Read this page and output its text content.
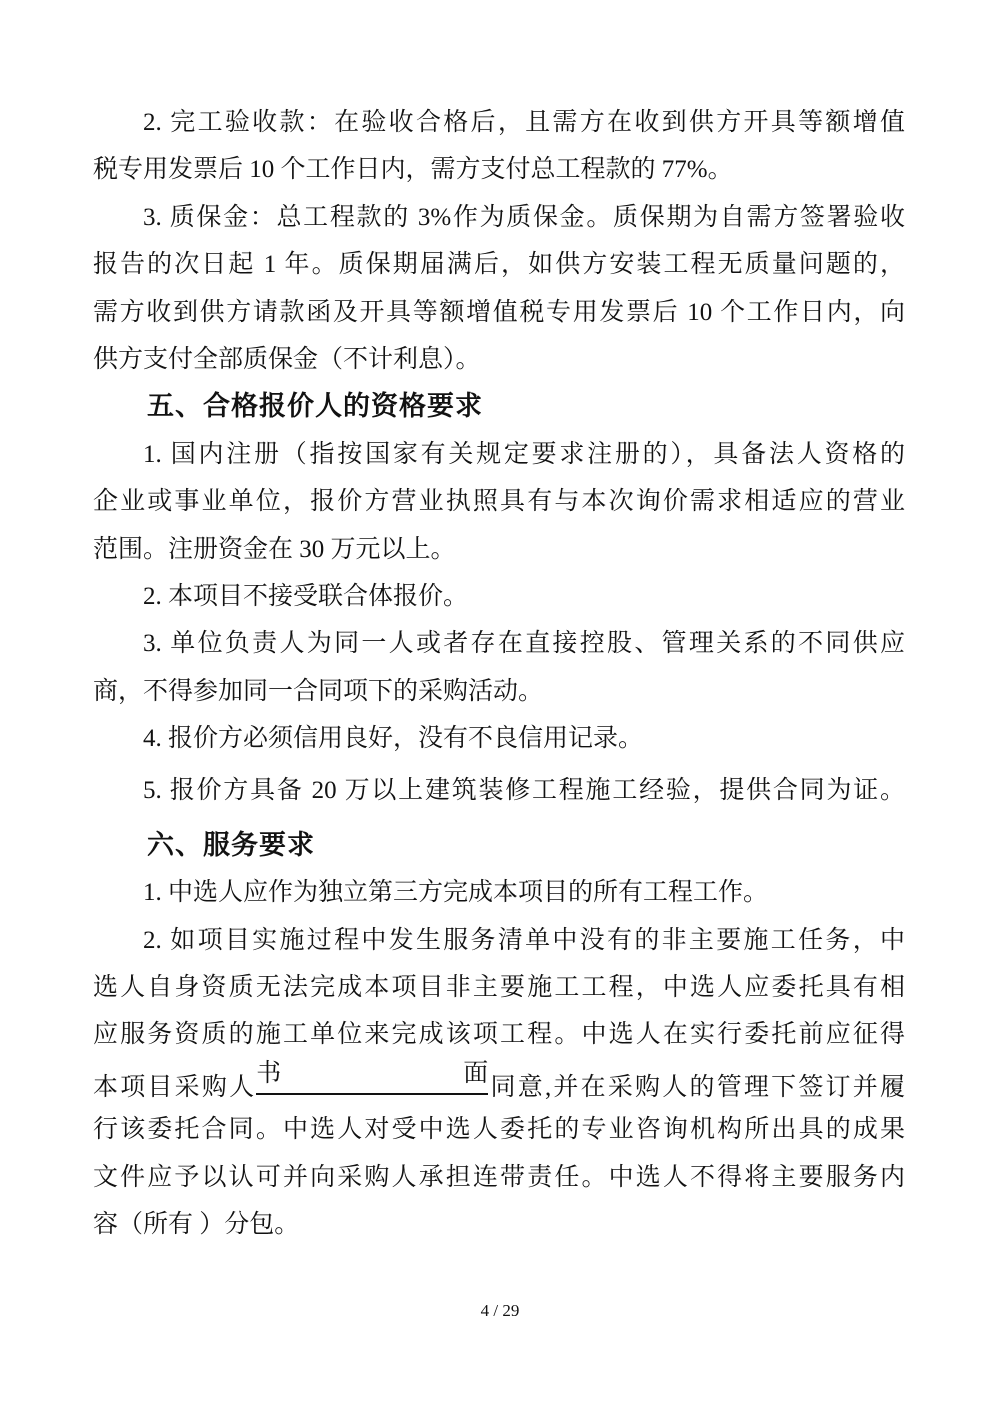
2. 完工验收款：在验收合格后，且需方在收到供方开具等额增值
税专用发票后 10 个工作日内，需方支付总工程款的 77%。
3. 质保金：总工程款的 3%作为质保金。质保期为自需方签署验收
报告的次日起 1 年。质保期届满后，如供方安装工程无质量问题的，
需方收到供方请款函及开具等额增值税专用发票后 10 个工作日内，向
供方支付全部质保金（不计利息）。
五、合格报价人的资格要求
1. 国内注册（指按国家有关规定要求注册的），具备法人资格的
企业或事业单位，报价方营业执照具有与本次询价需求相适应的营业
范围。注册资金在 30 万元以上。
2. 本项目不接受联合体报价。
3. 单位负责人为同一人或者存在直接控股、管理关系的不同供应
商，不得参加同一合同项下的采购活动。
4. 报价方必须信用良好，没有不良信用记录。
5. 报价方具备 20 万以上建筑装修工程施工经验，提供合同为证。
六、服务要求
1. 中选人应作为独立第三方完成本项目的所有工程工作。
2. 如项目实施过程中发生服务清单中没有的非主要施工任务，中
选人自身资质无法完成本项目非主要施工工程，中选人应委托具有相
应服务资质的施工单位来完成该项工程。中选人在实行委托前应征得
本项目采购人书面同意,并在采购人的管理下签订并履
行该委托合同。中选人对受中选人委托的专业咨询机构所出具的成果
文件应予以认可并向采购人承担连带责任。中选人不得将主要服务内
容（所有 ）分包。
4 / 29
